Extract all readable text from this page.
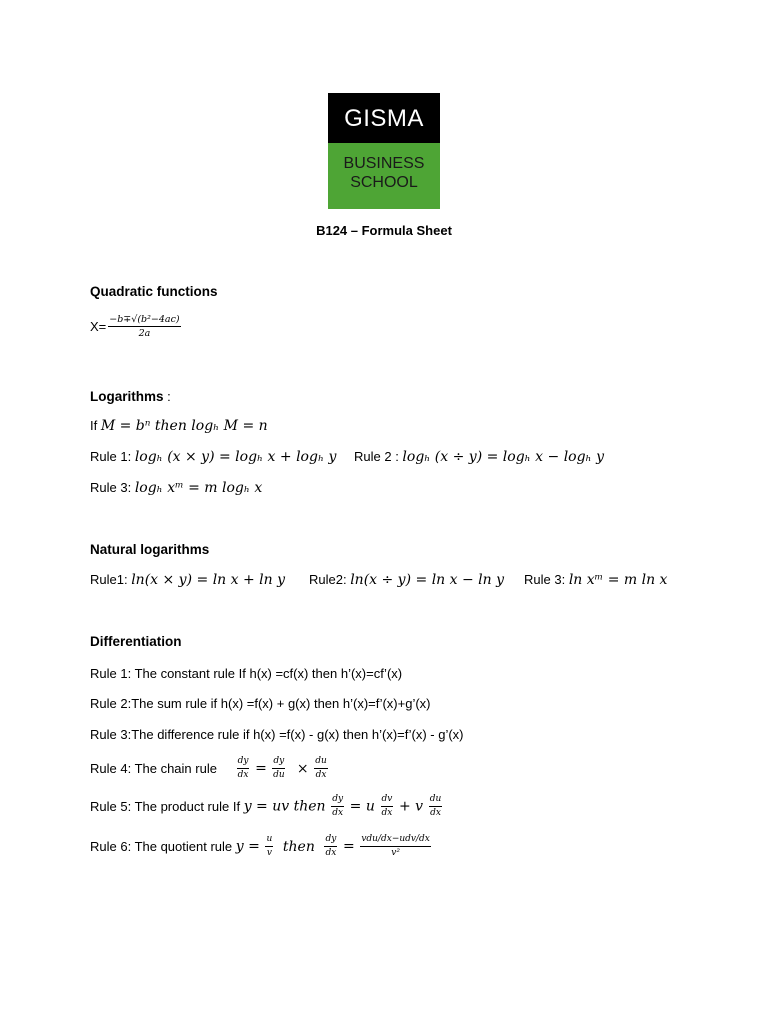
GISMA
BUSINESS
SCHOOL
B124 – Formula Sheet
Quadratic functions
$X= \frac{\text{−b∓√(b²−4ac)}}{2a}$
Logarithms :
If M = bⁿ then logₕ M = n
Rule 1: logₕ (x × y) = logₕ x + logₕ y Rule 2 : logₕ (x ÷ y) = logₕ x − logₕ y
Rule 3: logₕ xᵐ = m logₕ x
Natural logarithms
Rule1: ln(x × y) = ln x + ln y Rule2: ln(x ÷ y) = ln x − ln y Rule 3: ln xᵐ = m ln x
Differentiation
Rule 1: The constant rule If h(x) =cf(x) then h’(x)=cf’(x)
Rule 2:The sum rule if h(x) =f(x) + g(x) then h’(x)=f’(x)+g’(x)
Rule 3:The difference rule if h(x) =f(x) - g(x) then h’(x)=f’(x) - g’(x)
Rule 4: The chain rule $\frac{dy}{dx} = \frac{dy}{du} \times \frac{du}{dx}$
Rule 5: The product rule If y = uv then $\frac{dy}{dx} = u \frac{dv}{dx} + v \frac{du}{dx}$
Rule 6: The quotient rule $y = \frac{u}{v}$ then $\frac{dy}{dx} = \frac{\text{vdu/dx−udv/dx}}{\text{v²}}$
